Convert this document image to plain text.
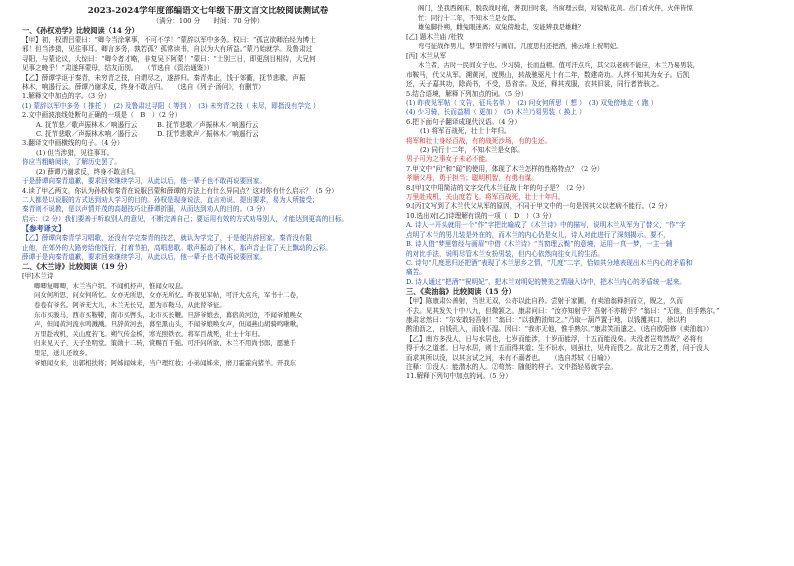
2023-2024学年度部编语文七年级下册文言文比较阅读测试卷
（满分：100 分　　时间：70 分钟）
一、《孙权劝学》比较阅读（14 分）
【甲】初，权谓吕蒙曰：“卿今当涂掌事，不可不学！”蒙辞以军中多务。权曰：“孤岂欲卿治经为博士
邪！但当涉猎，见往事耳。卿言多务，孰若孤？孤常读书，自以为大有所益。”蒙乃始就学。及鲁肃过
寻阳，与蒙论议，大惊曰：“卿今者才略，非复吴下阿蒙！”蒙曰：“士别三日，即更刮目相待，大兄何
见事之晚乎！”肃遂拜蒙母，结友而别。　　（节选自《资治通鉴》）
【乙】薛谭学讴于秦青，未穷青之技，自谓尽之，遂辞归。秦青弗止，饯于郊衢，抚节悲歌，声振
林木，响遏行云。薛谭乃谢求反，终身不敢言归。　　（选自《列子·汤问》，有删节）
1.解释文中加点的字。（3 分）
(1) 蒙辞以军中多务（ 推托 ）　(2) 及鲁肃过寻阳（ 等到 ）　(3) 未穷青之技（ 未尽，即指没有学完 ）
2.文中画波浪线处断句正确的一项是（　B　）（2 分）
A. 抚节悲／歌声振林木／响遏行云　　　B. 抚节悲歌／声振林木／响遏行云
C. 抚节悲歌／声振林木响／遏行云　　　D. 抚节悲歌声／振林木／响遏行云
3.翻译文中画横线的句子。（4 分）
(1) 但当涉猎，见往事耳。
你应当粗略阅读，了解历史罢了。
(2) 薛谭乃谢求反，终身不敢言归。
于是薛谭向秦青道歉，要求回来继续学习，从此以后，他一辈子也不敢再说要回家。
4.读了甲乙两文，你认为孙权和秦青在说服吕蒙和薛谭的方法上有什么异同点？这对你有什么启示？（5 分）
二人都是以说服的方式达到劝人学习的目的。孙权是现身说法，直言劝说，提出要求，易为人所接受；
秦青则不说教，是以声情并茂的高超技巧让薛谭折服，从而达到劝人的目的。（3 分）
启示：（2 分）我们要善于听取别人的意见，不断完善自己；要运用有效的方式劝导别人，才能达到更高的目标。
【参考译文】
【乙】薛谭向秦青学习唱歌，还没有学完秦青的技艺，就认为学完了，于是便告辞回家。秦青没有阻
止他，在郊外的大路旁给他饯行，打着节拍，高唱悲歌。歌声振动了林木，那声音止住了天上飘动的云彩。
薛谭于是向秦青道歉，要求回来继续学习，从此以后，他一辈子也不敢再说要回家。
二、《木兰诗》比较阅读（19 分）
[甲]木兰诗
唧唧复唧唧，木兰当户织。不闻机杼声，惟闻女叹息。
问女何所思，问女何所忆。女亦无所思，女亦无所忆。昨夜见军帖，可汗大点兵，军书十二卷，
卷卷有爷名。阿爷无大儿，木兰无长兄，愿为市鞍马，从此替爷征。
东市买骏马，西市买鞍鞯，南市买辔头，北市买长鞭。旦辞爷娘去，暮宿黄河边，不闻爷娘唤女
声，但闻黄河流水鸣溅溅。旦辞黄河去，暮至黑山头，不闻爷娘唤女声，但闻燕山胡骑鸣啾啾。
万里赴戎机，关山度若飞。朔气传金柝，寒光照铁衣。将军百战死，壮士十年归。
归来见天子，天子坐明堂。策勋十二转，赏赐百千强。可汗问所欲，木兰不用尚书郎，愿驰千
里足，送儿还故乡。
爷娘闻女来，出郭相扶将；阿姊闻妹来，当户理红妆；小弟闻姊来，磨刀霍霍向猪羊。开我东
阁门，坐我西阁床，脱我战时袍，著我旧时裳，当窗理云鬓，对镜帖花黄。出门看火伴，火伴皆惊
忙：同行十二年，不知木兰是女郎。
雄兔脚扑朔，雌兔眼迷离；双兔傍地走，安能辨我是雄雌？
[乙] 题木兰庙 /杜牧
弯弓征战作男儿，梦里曾经与画眉。几度思归还把酒，拂云堆上祝明妃。
[丙] 木兰从军
木兰者，古时一民间女子也。少习骑，长而益精。值可汗点兵，其父以老病不能应，木兰乃易男装，
市鞍马，代父从军。溯黄河，度黑山，转战驰驱凡十有二年，数建奇功。人终不知其为女子。后凯
还，天子嘉其功，除尚书，不受，恳省亲。及还，释其戎服，衣其旧裳，同行者皆骇之。
5.结合语境，解释下列加点的词。（5 分）
(1) 昨夜见军帖（ 文告，征兵名单 ）　(2) 问女何所思（ 想 ）　(3) 双兔傍地走（ 跑 ）
(4) 少习骑，长而益精（ 更加 ）　(5) 木兰乃易男装（ 换上 ）
6.把下面句子翻译成现代汉语。（4 分）
(1) 将军百战死，壮士十年归。
将军和壮士身经百战，有的战死沙场，有的生还。
(2) 同行十二年，不知木兰是女郎。
男子可为之事女子未必不能。
7.甲文中“问”和“闻”的使用，体现了木兰怎样的性格特点？（2 分）
孝顺父母，勇于担当；聪明机智，有勇有谋。
8.[甲]文中用简洁的文字交代木兰征战十年的句子是？（2 分）
万里赴戎机，关山度若飞。将军百战死，壮士十年归。
9.[丙]文写到了木兰代父从军的原因，不同于甲文中的一句是因其父以老病不能行。（2 分）
10.选出对[乙]诗理解有误的一项（　D　）（3 分）
A. 诗人一开头就用一个“作”字把比喻成了《木兰诗》中的描写，说明木兰从军为了替父，“作”字
点明了木兰的男儿装是外在的，而木兰的内心仍是女儿，诗人对此进行了深刻揭示。要不，
B. 诗人借“梦里曾经与画眉”中借《木兰诗》“当窗理云鬓”的意境，运用一真一梦，一主一辅
的对比手法，说明尽管木兰女扮男装，但内心依然向往女儿的生活。
C. 诗句“几度思归还把酒”表现了木兰思乡之情，“几度”二字，恰如其分地表现出木兰内心的矛盾和
痛苦。
D. 诗人通过“把酒”“祝明妃”，把木兰对明妃的赞美之情融入诗中，把木兰内心的矛盾统一起来。
三、《卖油翁》比较阅读（15 分）
【甲】陈康肃公善射，当世无双，公亦以此自矜。尝射于家圃，有卖油翁释担而立，睨之，久而
不去。见其发矢十中八九，但微颔之。康肃问曰：“汝亦知射乎？吾射不亦精乎？”翁曰：“无他，但手熟尔。”
康肃忿然曰：“尔安敢轻吾射！”翁曰：“以我酌油知之。”乃取一葫芦置于地，以钱覆其口，徐以杓
酌油沥之，自钱孔入，而钱不湿。因曰：“我亦无他，惟手熟尔。”康肃笑而遣之。（选自欧阳修《卖油翁》）
【乙】南方多没人，日与水居也，七岁而能涉，十岁而能浮，十五而能没矣。夫没者岂苟然哉？必将有
得于水之道者。日与水居，则十五而得其道；生不识水，则虽壮，见舟而畏之。故北方之勇者，问于没人
而求其所以没，以其言试之河，未有不溺者也。　　（选自苏轼《日喻》）
注释：①没人：能潜水的人。②苟然：随便的样子。文中指轻易就学会。
11.解释下列句中加点的词。（5 分）
